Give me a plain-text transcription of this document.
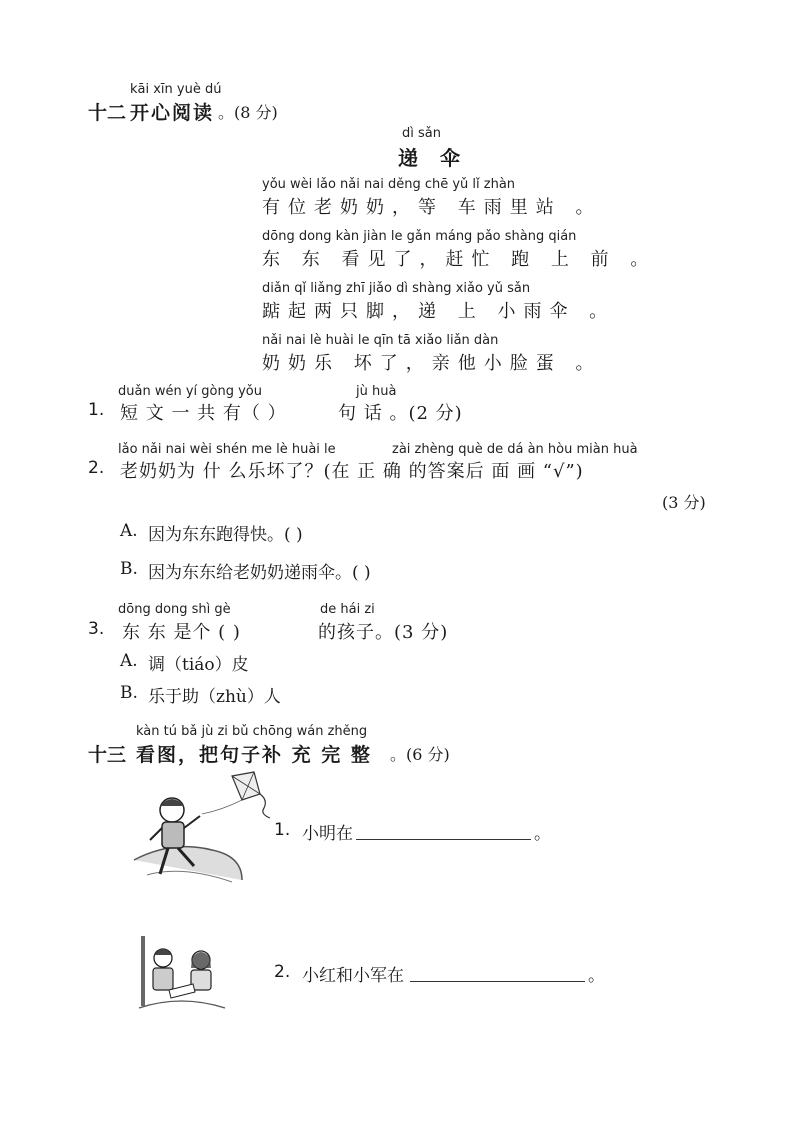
kāi xīn yuè dú
十二 开心阅读 。(8 分)
dì sǎn
递伞
yǒu wèi lǎo nǎi nai děng chē yǔ lǐ zhàn
有位老奶奶，等 车雨里站 。
dōng dong kàn jiàn le gǎn máng pǎo shàng qián
东 东 看见了，赶忙 跑 上 前 。
diǎn qǐ liǎng zhī jiǎo dì shàng xiǎo yǔ sǎn
踮起两只脚，递 上 小雨伞 。
nǎi nai lè huài le qīn tā xiǎo liǎn dàn
奶奶乐 坏了，亲他小脸蛋 。
duǎn wén yí gòng yǒu	jù huà
1. 短 文 一 共 有（ ）	句 话 。(2 分)
lǎo nǎi nai wèi shén me lè huài le	zài zhèng què de dá àn hòu miàn huà
2. 老奶奶为 什 么乐坏了？(在 正 确 的答案后 面 画 “√”)
(3 分)
A. 因为东东跑得快。( )
B. 因为东东给老奶奶递雨伞。( )
dōng dong shì gè	de hái zi
3. 东 东 是个 ( )	的孩子。(3 分)
A. 调（tiáo）皮
B. 乐于助（zhù）人
kàn tú bǎ jù zi bǔ chōng wán zhěng
十三 看图，把句子补 充 完 整 。(6 分)
1. 小明在	。
2. 小红和小军在	。
